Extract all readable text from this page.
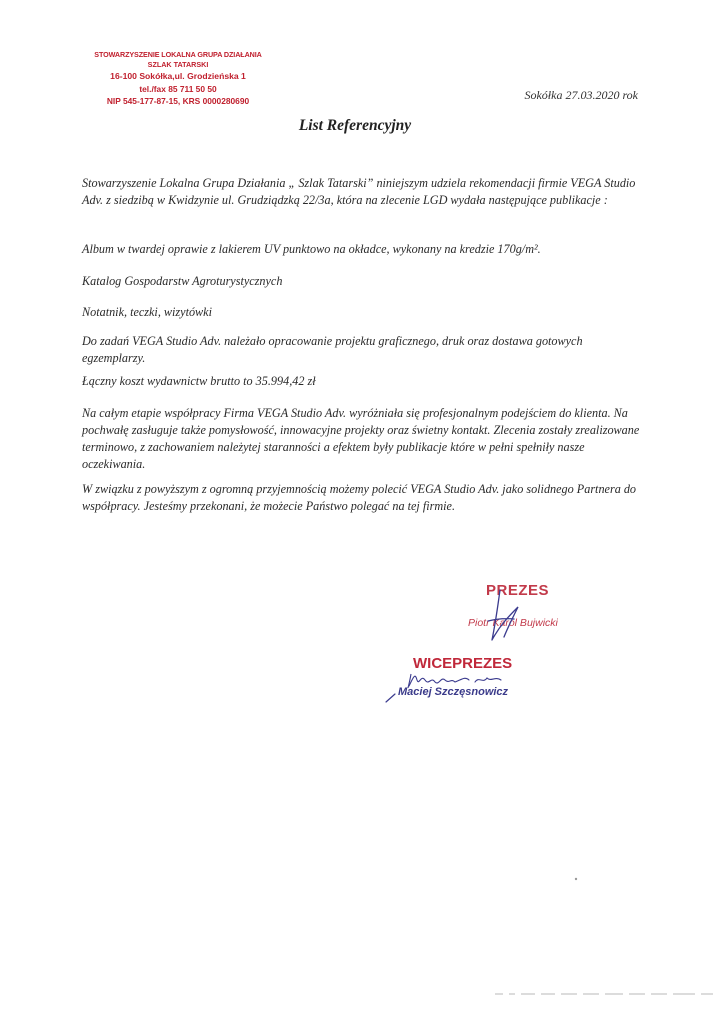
STOWARZYSZENIE LOKALNA GRUPA DZIAŁANIA
SZLAK TATARSKI
16-100 Sokółka,ul. Grodzieńska 1
tel./fax 85 711 50 50
NIP 545-177-87-15, KRS 0000280690	Sokółka 27.03.2020 rok
List Referencyjny
Stowarzyszenie Lokalna Grupa Działania „ Szlak Tatarski” niniejszym udziela rekomendacji firmie VEGA Studio Adv. z siedzibą w Kwidzynie ul. Grudziądzką 22/3a, która na zlecenie LGD wydała następujące publikacje :
Album w twardej oprawie z lakierem UV punktowo na okładce, wykonany na kredzie 170g/m².
Katalog Gospodarstw Agroturystycznych
Notatnik, teczki, wizytówki
Do zadań VEGA Studio Adv. należało opracowanie projektu graficznego, druk oraz dostawa gotowych egzemplarzy.
Łączny koszt wydawnictw brutto to 35.994,42 zł
Na całym etapie współpracy Firma VEGA Studio Adv. wyróżniała się profesjonalnym podejściem do klienta. Na pochwałę zasługuje także pomysłowość, innowacyjne projekty oraz świetny kontakt. Zlecenia zostały zrealizowane terminowo, z zachowaniem należytej staranności a efektem były publikacje które w pełni spełniły nasze oczekiwania.
W związku z powyższym z ogromną przyjemnością możemy polecić VEGA Studio Adv. jako solidnego Partnera do współpracy. Jesteśmy przekonani, że możecie Państwo polegać na tej firmie.
PREZES
Piotr Karol Bujwicki
WICEPREZES
Maciej Szczęsnowicz
